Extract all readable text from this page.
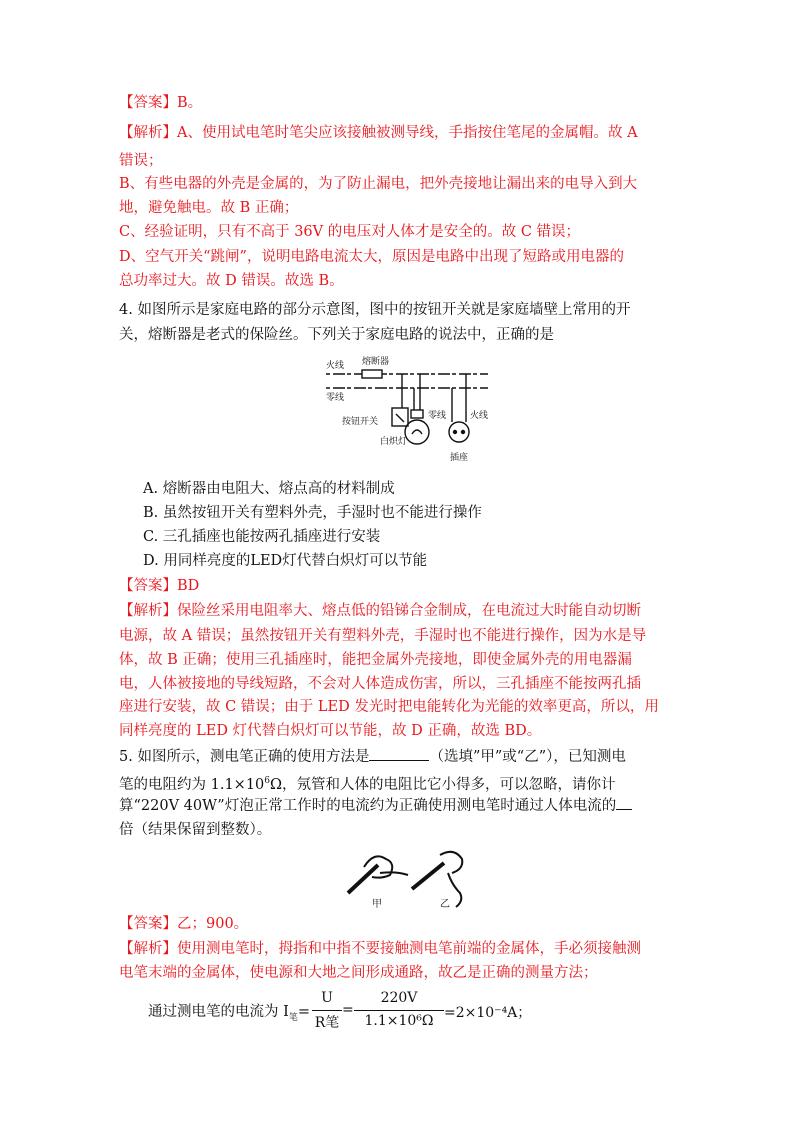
【答案】B。
【解析】A、使用试电笔时笔尖应该接触被测导线，手指按住笔尾的金属帽。故 A
错误；
B、有些电器的外壳是金属的，为了防止漏电，把外壳接地让漏出来的电导入到大
地，避免触电。故 B 正确；
C、经验证明，只有不高于 36V 的电压对人体才是安全的。故 C 错误；
D、空气开关“跳闸”，说明电路电流太大，原因是电路中出现了短路或用电器的
总功率过大。故 D 错误。故选 B。
4. 如图所示是家庭电路的部分示意图，图中的按钮开关就是家庭墙壁上常用的开
关，熔断器是老式的保险丝。下列关于家庭电路的说法中，正确的是
火线
零线
熔断器
按钮开关
白炽灯
零线	火线
插座
A. 熔断器由电阻大、熔点高的材料制成
B. 虽然按钮开关有塑料外壳，手湿时也不能进行操作
C. 三孔插座也能按两孔插座进行安装
D. 用同样亮度的LED灯代替白炽灯可以节能
【答案】BD
【解析】保险丝采用电阻率大、熔点低的铅锑合金制成，在电流过大时能自动切断
电源，故 A 错误；虽然按钮开关有塑料外壳，手湿时也不能进行操作，因为水是导
体，故 B 正确；使用三孔插座时，能把金属外壳接地，即使金属外壳的用电器漏
电，人体被接地的导线短路，不会对人体造成伤害，所以，三孔插座不能按两孔插
座进行安装，故 C 错误；由于 LED 发光时把电能转化为光能的效率更高，所以，用
同样亮度的 LED 灯代替白炽灯可以节能，故 D 正确，故选 BD。
5. 如图所示，测电笔正确的使用方法是	（选填”甲”或“乙”），已知测电
笔的电阻约为 $1.1\times 10^6\Omega$，氖管和人体的电阻比它小得多，可以忽略，请你计
算“220V 40W”灯泡正常工作时的电流约为正确使用测电笔时通过人体电流的
倍（结果保留到整数）。
甲	乙
【答案】乙；900。
【解析】使用测电笔时，拇指和中指不要接触测电笔前端的金属体，手必须接触测
电笔末端的金属体，使电源和大地之间形成通路，故乙是正确的测量方法；
通过测电笔的电流为 $I_笔=$
U
R笔
=
220V
1.1×10⁶Ω =2×10⁻⁴A；
